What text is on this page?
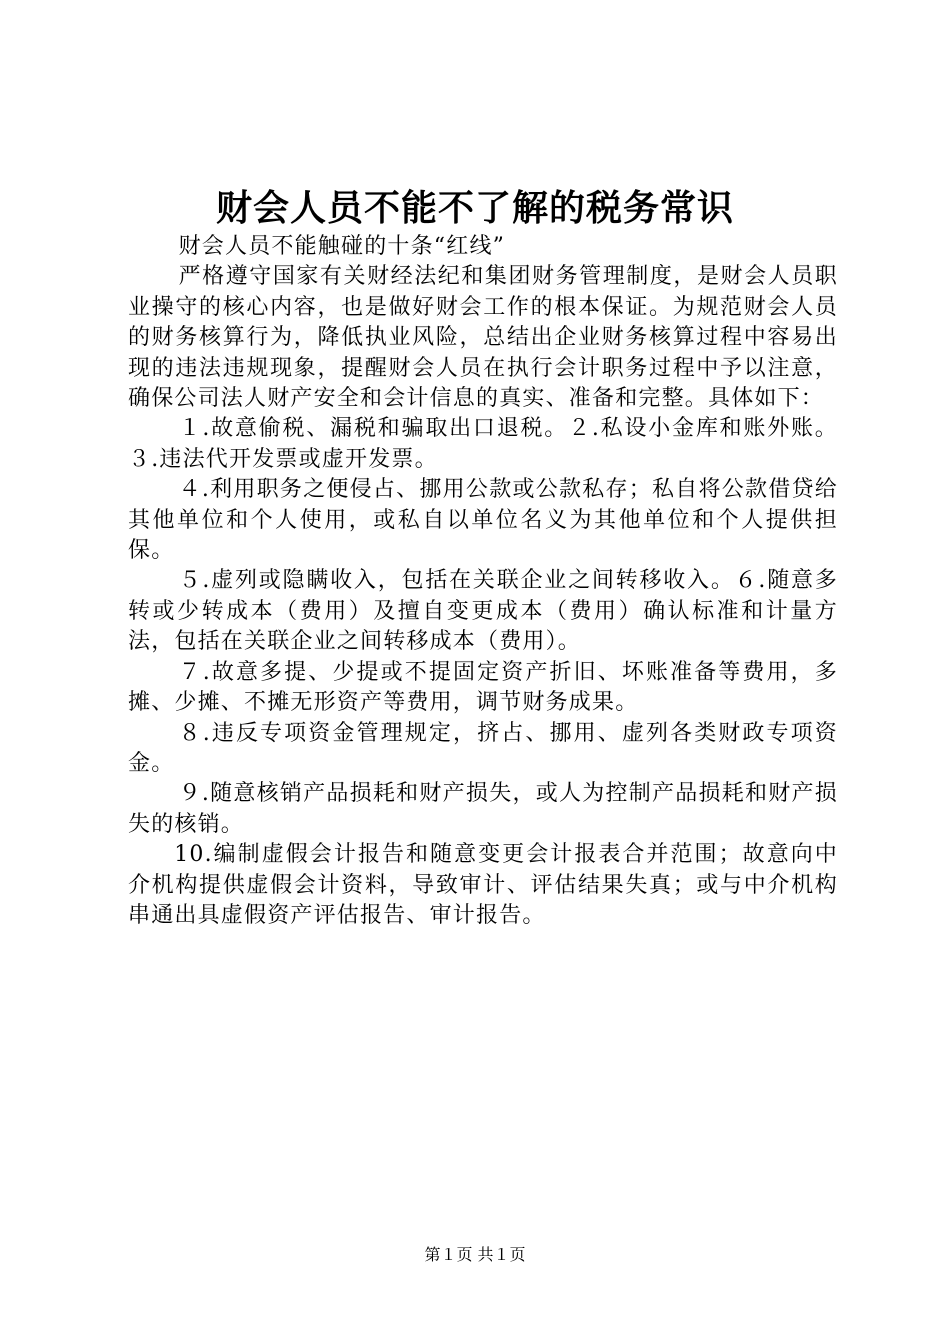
财会人员不能不了解的税务常识

财会人员不能触碰的十条“红线”

严格遵守国家有关财经法纪和集团财务管理制度，是财会人员职业操守的核心内容，也是做好财会工作的根本保证。为规范财会人员的财务核算行为，降低执业风险，总结出企业财务核算过程中容易出现的违法违规现象，提醒财会人员在执行会计职务过程中予以注意，确保公司法人财产安全和会计信息的真实、准备和完整。具体如下：

１.故意偷税、漏税和骗取出口退税。２.私设小金库和账外账。３.违法代开发票或虚开发票。

４.利用职务之便侵占、挪用公款或公款私存；私自将公款借贷给其他单位和个人使用，或私自以单位名义为其他单位和个人提供担保。

５.虚列或隐瞒收入，包括在关联企业之间转移收入。６.随意多转或少转成本（费用）及擅自变更成本（费用）确认标准和计量方法，包括在关联企业之间转移成本（费用）。

７.故意多提、少提或不提固定资产折旧、坏账准备等费用，多摊、少摊、不摊无形资产等费用，调节财务成果。

８.违反专项资金管理规定，挤占、挪用、虚列各类财政专项资金。

９.随意核销产品损耗和财产损失，或人为控制产品损耗和财产损失的核销。

10.编制虚假会计报告和随意变更会计报表合并范围；故意向中介机构提供虚假会计资料，导致审计、评估结果失真；或与中介机构串通出具虚假资产评估报告、审计报告。

第１页 共１页
